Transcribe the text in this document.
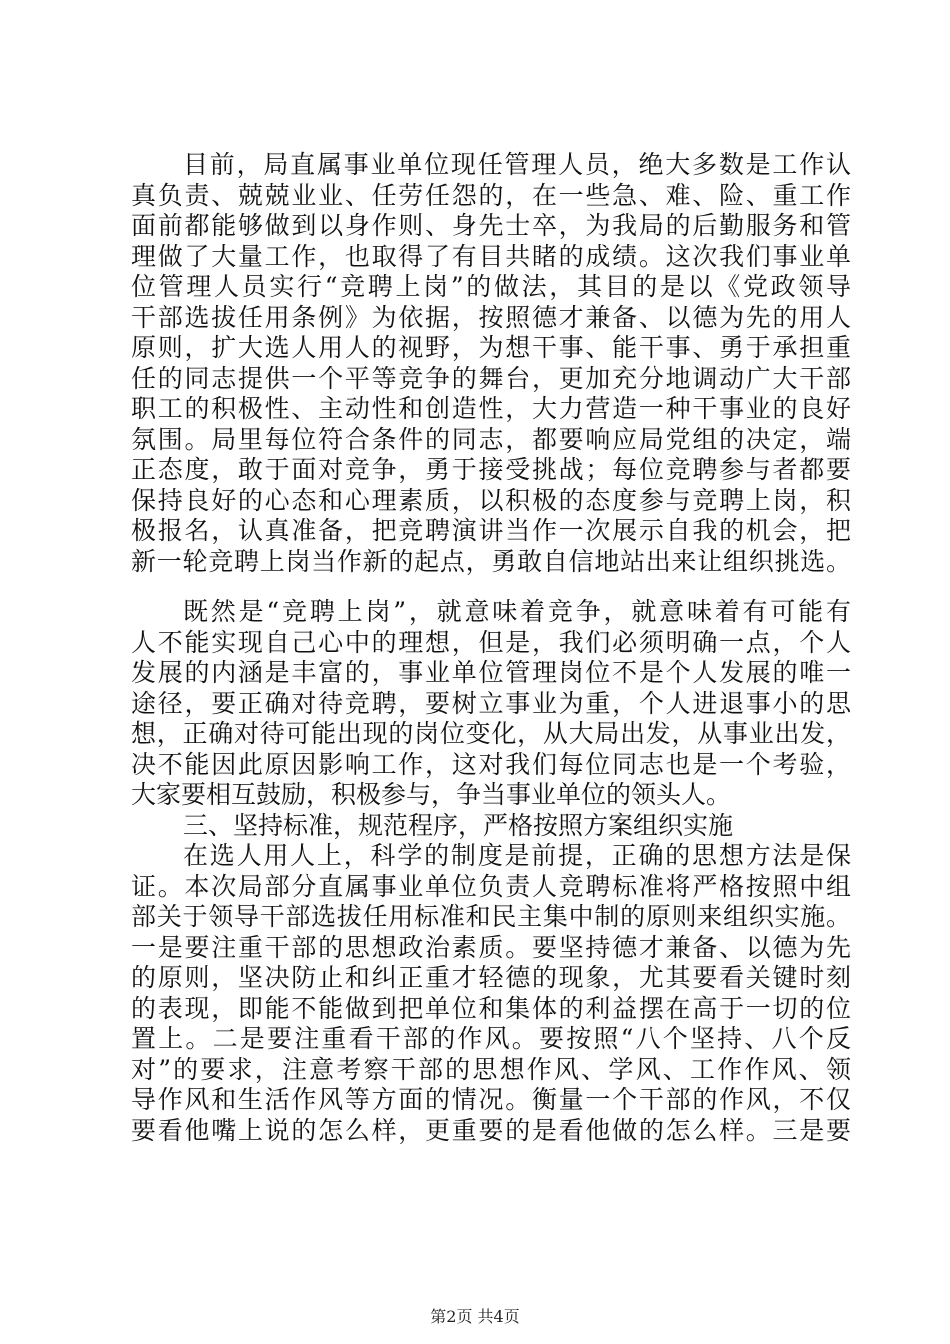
目前，局直属事业单位现任管理人员，绝大多数是工作认
真负责、兢兢业业、任劳任怨的，在一些急、难、险、重工作
面前都能够做到以身作则、身先士卒，为我局的后勤服务和管
理做了大量工作，也取得了有目共睹的成绩。这次我们事业单
位管理人员实行“竞聘上岗”的做法，其目的是以《党政领导
干部选拔任用条例》为依据，按照德才兼备、以德为先的用人
原则，扩大选人用人的视野，为想干事、能干事、勇于承担重
任的同志提供一个平等竞争的舞台，更加充分地调动广大干部
职工的积极性、主动性和创造性，大力营造一种干事业的良好
氛围。局里每位符合条件的同志，都要响应局党组的决定，端
正态度，敢于面对竞争，勇于接受挑战；每位竞聘参与者都要
保持良好的心态和心理素质，以积极的态度参与竞聘上岗，积
极报名，认真准备，把竞聘演讲当作一次展示自我的机会，把
新一轮竞聘上岗当作新的起点，勇敢自信地站出来让组织挑选。
既然是“竞聘上岗”，就意味着竞争，就意味着有可能有
人不能实现自己心中的理想，但是，我们必须明确一点，个人
发展的内涵是丰富的，事业单位管理岗位不是个人发展的唯一
途径，要正确对待竞聘，要树立事业为重，个人进退事小的思
想，正确对待可能出现的岗位变化，从大局出发，从事业出发，
决不能因此原因影响工作，这对我们每位同志也是一个考验，
大家要相互鼓励，积极参与，争当事业单位的领头人。
三、坚持标准，规范程序，严格按照方案组织实施
在选人用人上，科学的制度是前提，正确的思想方法是保
证。本次局部分直属事业单位负责人竞聘标准将严格按照中组
部关于领导干部选拔任用标准和民主集中制的原则来组织实施。
一是要注重干部的思想政治素质。要坚持德才兼备、以德为先
的原则，坚决防止和纠正重才轻德的现象，尤其要看关键时刻
的表现，即能不能做到把单位和集体的利益摆在高于一切的位
置上。二是要注重看干部的作风。要按照“八个坚持、八个反
对”的要求，注意考察干部的思想作风、学风、工作作风、领
第2页 共4页
导作风和生活作风等方面的情况。衡量一个干部的作风，不仅
要看他嘴上说的怎么样，更重要的是看他做的怎么样。三是要
